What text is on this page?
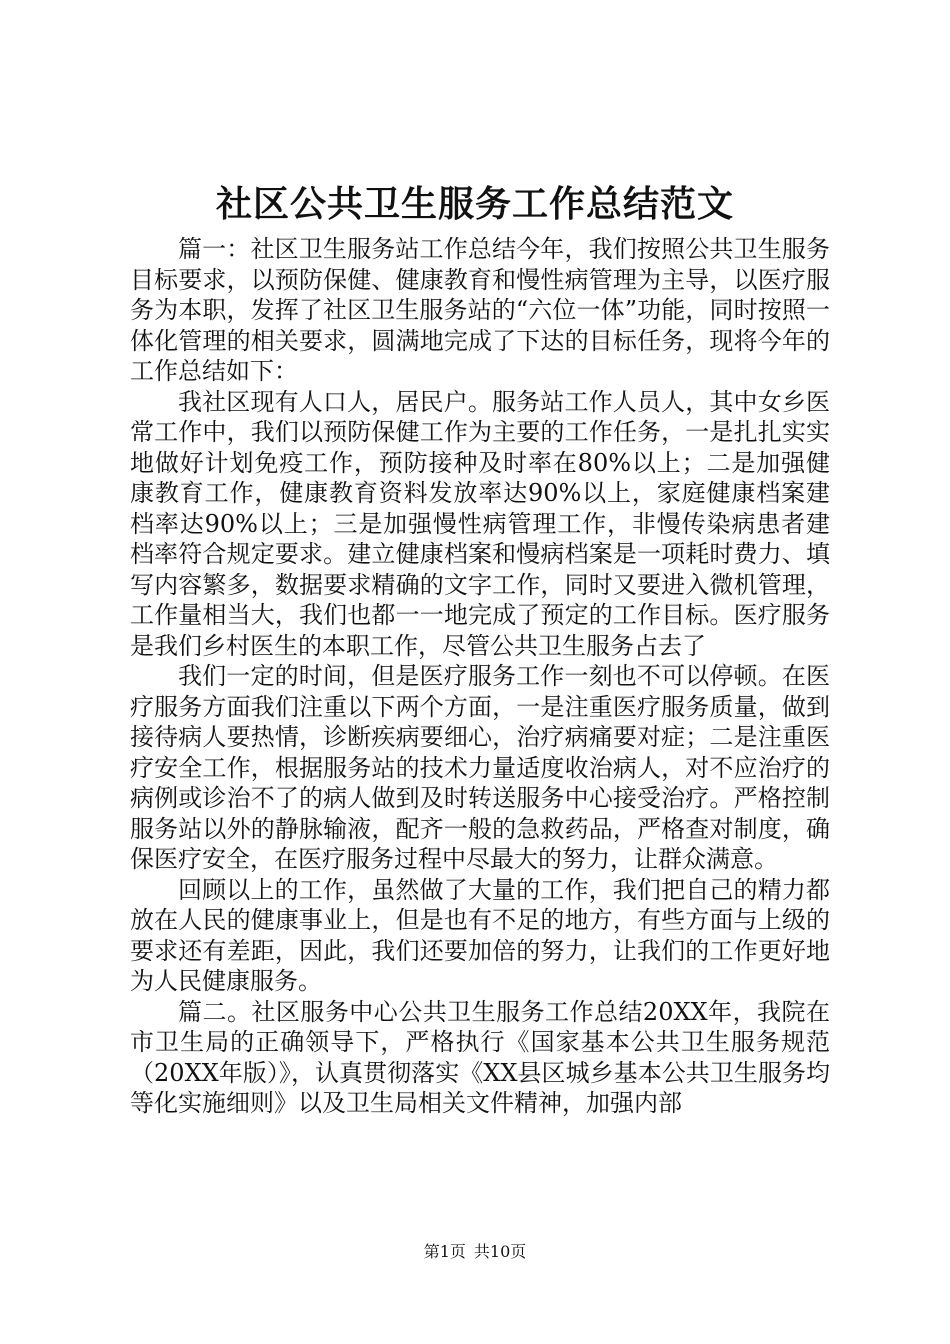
社区公共卫生服务工作总结范文

篇一：社区卫生服务站工作总结今年，我们按照公共卫生服务目标要求，以预防保健、健康教育和慢性病管理为主导，以医疗服务为本职，发挥了社区卫生服务站的“六位一体”功能，同时按照一体化管理的相关要求，圆满地完成了下达的目标任务，现将今年的工作总结如下：

我社区现有人口人，居民户。服务站工作人员人，其中女乡医常工作中，我们以预防保健工作为主要的工作任务，一是扎扎实实地做好计划免疫工作，预防接种及时率在80%以上；二是加强健康教育工作，健康教育资料发放率达90%以上，家庭健康档案建档率达90%以上；三是加强慢性病管理工作，非慢传染病患者建档率符合规定要求。建立健康档案和慢病档案是一项耗时费力、填写内容繁多，数据要求精确的文字工作，同时又要进入微机管理，工作量相当大，我们也都一一地完成了预定的工作目标。医疗服务是我们乡村医生的本职工作，尽管公共卫生服务占去了

我们一定的时间，但是医疗服务工作一刻也不可以停顿。在医疗服务方面我们注重以下两个方面，一是注重医疗服务质量，做到接待病人要热情，诊断疾病要细心，治疗病痛要对症；二是注重医疗安全工作，根据服务站的技术力量适度收治病人，对不应治疗的病例或诊治不了的病人做到及时转送服务中心接受治疗。严格控制服务站以外的静脉输液，配齐一般的急救药品，严格查对制度，确保医疗安全，在医疗服务过程中尽最大的努力，让群众满意。

回顾以上的工作，虽然做了大量的工作，我们把自己的精力都放在人民的健康事业上，但是也有不足的地方，有些方面与上级的要求还有差距，因此，我们还要加倍的努力，让我们的工作更好地为人民健康服务。

篇二。社区服务中心公共卫生服务工作总结20XX年，我院在市卫生局的正确领导下，严格执行《国家基本公共卫生服务规范（20XX年版）》，认真贯彻落实《XX县区城乡基本公共卫生服务均等化实施细则》以及卫生局相关文件精神，加强内部

第1页 共10页
